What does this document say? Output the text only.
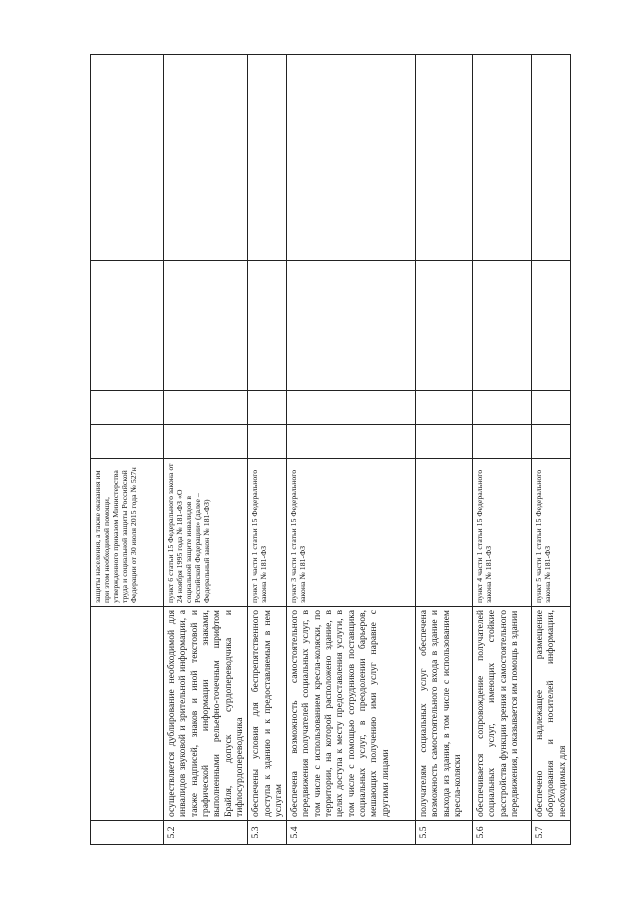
		защиты населения, а также оказания им при этом необходимой помощи, утвержденного приказом Министерства труда и социальной защиты Российской Федерации от 30 июля 2015 года № 527н				
5.2	осуществляется дублирование необходимой для инвалидов звуковой и зрительной информации, а также надписей, знаков и иной текстовой и графической информации знаками, выполненными рельефно-точечным шрифтом Брайля, допуск сурдопереводчика и тифлосурдопереводчика	пункт 6 статьи 15 Федерального закона от 24 ноября 1995 года № 181-ФЗ «О социальной защите инвалидов в Российской Федерации» (далее – Федеральный закон № 181-ФЗ)				
5.3	обеспечены условия для беспрепятственного доступа к зданию и к предоставляемым в нем услугам	пункт 1 части 1 статьи 15 Федерального закона № 181-ФЗ				
5.4	обеспечена возможность самостоятельного передвижения получателей социальных услуг, в том числе с использованием кресла-коляски, по территории, на которой расположено здание, в целях доступа к месту предоставления услуги, в том числе с помощью сотрудников поставщика социальных услуг, в преодолении барьеров, мешающих получению ими услуг наравне с другими лицами	пункт 3 части 1 статьи 15 Федерального закона № 181-ФЗ				
5.5	получателям социальных услуг обеспечена возможность самостоятельного входа в здание и выхода из здания, в том числе с использованием кресла-коляски					
5.6	обеспечивается сопровождение получателей социальных услуг, имеющих стойкие расстройства функции зрения и самостоятельного передвижения, и оказывается им помощь в здании	пункт 4 части 1 статьи 15 Федерального закона № 181-ФЗ				
5.7	обеспечено надлежащее размещение оборудования и носителей информации, необходимых для	пункт 5 части 1 статьи 15 Федерального закона № 181-ФЗ				
